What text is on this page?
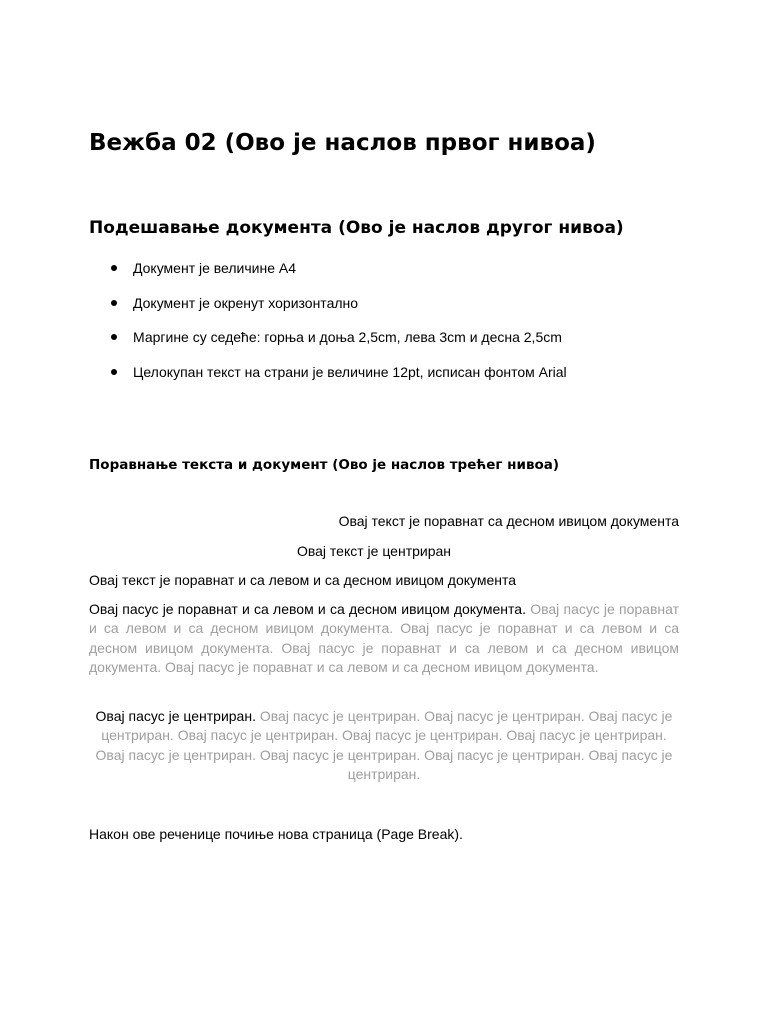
Вежба 02 (Ово је наслов првог нивоа)
Подешавање документа (Ово је наслов другог нивоа)
Документ је величине А4
Документ је окренут хоризонтално
Маргине су седеће: горња и доња 2,5cm, лева 3cm и десна 2,5cm
Целокупан текст на страни је величине 12pt, исписан фонтом Arial
Поравнање текста и документ (Ово је наслов трећег нивоа)
Овај текст је поравнат са десном ивицом документа
Овај текст је центриран
Овај текст је поравнат и са левом и са десном ивицом документа

Овај пасус је поравнат и са левом и са десном ивицом документа. Овај пасус је поравнат и са левом и са десном ивицом документа. Овај пасус је поравнат и са левом и са десном ивицом документа. Овај пасус је поравнат и са левом и са десном ивицом документа. Овај пасус је поравнат и са левом и са десном ивицом документа.

Овај пасус је центриран. Овај пасус је центриран. Овај пасус је центриран. Овај пасус је центриран. Овај пасус је центриран. Овај пасус је центриран. Овај пасус је центриран. Овај пасус је центриран. Овај пасус је центриран. Овај пасус је центриран. Овај пасус је центриран.

Након ове реченице почиње нова страница (Page Break).
